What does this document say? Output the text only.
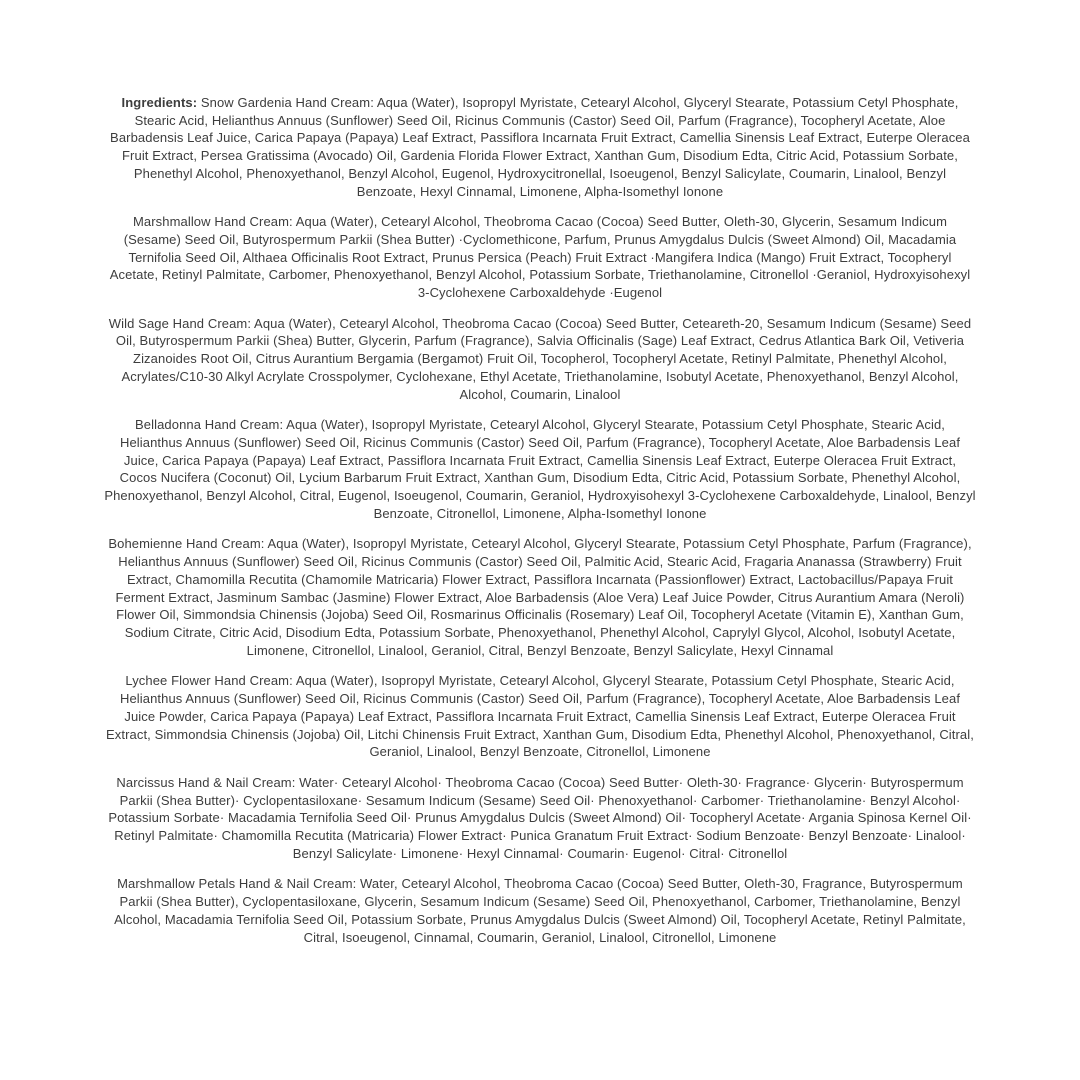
Ingredients: Snow Gardenia Hand Cream: Aqua (Water), Isopropyl Myristate, Cetearyl Alcohol, Glyceryl Stearate, Potassium Cetyl Phosphate, Stearic Acid, Helianthus Annuus (Sunflower) Seed Oil, Ricinus Communis (Castor) Seed Oil, Parfum (Fragrance), Tocopheryl Acetate, Aloe Barbadensis Leaf Juice, Carica Papaya (Papaya) Leaf Extract, Passiflora Incarnata Fruit Extract, Camellia Sinensis Leaf Extract, Euterpe Oleracea Fruit Extract, Persea Gratissima (Avocado) Oil, Gardenia Florida Flower Extract, Xanthan Gum, Disodium Edta, Citric Acid, Potassium Sorbate, Phenethyl Alcohol, Phenoxyethanol, Benzyl Alcohol, Eugenol, Hydroxycitronellal, Isoeugenol, Benzyl Salicylate, Coumarin, Linalool, Benzyl Benzoate, Hexyl Cinnamal, Limonene, Alpha-Isomethyl Ionone

Marshmallow Hand Cream: Aqua (Water), Cetearyl Alcohol, Theobroma Cacao (Cocoa) Seed Butter, Oleth-30, Glycerin, Sesamum Indicum (Sesame) Seed Oil, Butyrospermum Parkii (Shea Butter) ·Cyclomethicone, Parfum, Prunus Amygdalus Dulcis (Sweet Almond) Oil, Macadamia Ternifolia Seed Oil, Althaea Officinalis Root Extract, Prunus Persica (Peach) Fruit Extract ·Mangifera Indica (Mango) Fruit Extract, Tocopheryl Acetate, Retinyl Palmitate, Carbomer, Phenoxyethanol, Benzyl Alcohol, Potassium Sorbate, Triethanolamine, Citronellol ·Geraniol, Hydroxyisohexyl 3-Cyclohexene Carboxaldehyde ·Eugenol

Wild Sage Hand Cream: Aqua (Water), Cetearyl Alcohol, Theobroma Cacao (Cocoa) Seed Butter, Ceteareth-20, Sesamum Indicum (Sesame) Seed Oil, Butyrospermum Parkii (Shea) Butter, Glycerin, Parfum (Fragrance), Salvia Officinalis (Sage) Leaf Extract, Cedrus Atlantica Bark Oil, Vetiveria Zizanoides Root Oil, Citrus Aurantium Bergamia (Bergamot) Fruit Oil, Tocopherol, Tocopheryl Acetate, Retinyl Palmitate, Phenethyl Alcohol, Acrylates/C10-30 Alkyl Acrylate Crosspolymer, Cyclohexane, Ethyl Acetate, Triethanolamine, Isobutyl Acetate, Phenoxyethanol, Benzyl Alcohol, Alcohol, Coumarin, Linalool

Belladonna Hand Cream: Aqua (Water), Isopropyl Myristate, Cetearyl Alcohol, Glyceryl Stearate, Potassium Cetyl Phosphate, Stearic Acid, Helianthus Annuus (Sunflower) Seed Oil, Ricinus Communis (Castor) Seed Oil, Parfum (Fragrance), Tocopheryl Acetate, Aloe Barbadensis Leaf Juice, Carica Papaya (Papaya) Leaf Extract, Passiflora Incarnata Fruit Extract, Camellia Sinensis Leaf Extract, Euterpe Oleracea Fruit Extract, Cocos Nucifera (Coconut) Oil, Lycium Barbarum Fruit Extract, Xanthan Gum, Disodium Edta, Citric Acid, Potassium Sorbate, Phenethyl Alcohol, Phenoxyethanol, Benzyl Alcohol, Citral, Eugenol, Isoeugenol, Coumarin, Geraniol, Hydroxyisohexyl 3-Cyclohexene Carboxaldehyde, Linalool, Benzyl Benzoate, Citronellol, Limonene, Alpha-Isomethyl Ionone

Bohemienne Hand Cream: Aqua (Water), Isopropyl Myristate, Cetearyl Alcohol, Glyceryl Stearate, Potassium Cetyl Phosphate, Parfum (Fragrance), Helianthus Annuus (Sunflower) Seed Oil, Ricinus Communis (Castor) Seed Oil, Palmitic Acid, Stearic Acid, Fragaria Ananassa (Strawberry) Fruit Extract, Chamomilla Recutita (Chamomile Matricaria) Flower Extract, Passiflora Incarnata (Passionflower) Extract, Lactobacillus/Papaya Fruit Ferment Extract, Jasminum Sambac (Jasmine) Flower Extract, Aloe Barbadensis (Aloe Vera) Leaf Juice Powder, Citrus Aurantium Amara (Neroli) Flower Oil, Simmondsia Chinensis (Jojoba) Seed Oil, Rosmarinus Officinalis (Rosemary) Leaf Oil, Tocopheryl Acetate (Vitamin E), Xanthan Gum, Sodium Citrate, Citric Acid, Disodium Edta, Potassium Sorbate, Phenoxyethanol, Phenethyl Alcohol, Caprylyl Glycol, Alcohol, Isobutyl Acetate, Limonene, Citronellol, Linalool, Geraniol, Citral, Benzyl Benzoate, Benzyl Salicylate, Hexyl Cinnamal

Lychee Flower Hand Cream: Aqua (Water), Isopropyl Myristate, Cetearyl Alcohol, Glyceryl Stearate, Potassium Cetyl Phosphate, Stearic Acid, Helianthus Annuus (Sunflower) Seed Oil, Ricinus Communis (Castor) Seed Oil, Parfum (Fragrance), Tocopheryl Acetate, Aloe Barbadensis Leaf Juice Powder, Carica Papaya (Papaya) Leaf Extract, Passiflora Incarnata Fruit Extract, Camellia Sinensis Leaf Extract, Euterpe Oleracea Fruit Extract, Simmondsia Chinensis (Jojoba) Oil, Litchi Chinensis Fruit Extract, Xanthan Gum, Disodium Edta, Phenethyl Alcohol, Phenoxyethanol, Citral, Geraniol, Linalool, Benzyl Benzoate, Citronellol, Limonene

Narcissus Hand & Nail Cream: Water· Cetearyl Alcohol· Theobroma Cacao (Cocoa) Seed Butter· Oleth-30· Fragrance· Glycerin· Butyrospermum Parkii (Shea Butter)· Cyclopentasiloxane· Sesamum Indicum (Sesame) Seed Oil· Phenoxyethanol· Carbomer· Triethanolamine· Benzyl Alcohol· Potassium Sorbate· Macadamia Ternifolia Seed Oil· Prunus Amygdalus Dulcis (Sweet Almond) Oil· Tocopheryl Acetate· Argania Spinosa Kernel Oil· Retinyl Palmitate· Chamomilla Recutita (Matricaria) Flower Extract· Punica Granatum Fruit Extract· Sodium Benzoate· Benzyl Benzoate· Linalool· Benzyl Salicylate· Limonene· Hexyl Cinnamal· Coumarin· Eugenol· Citral· Citronellol

Marshmallow Petals Hand & Nail Cream: Water, Cetearyl Alcohol, Theobroma Cacao (Cocoa) Seed Butter, Oleth-30, Fragrance, Butyrospermum Parkii (Shea Butter), Cyclopentasiloxane, Glycerin, Sesamum Indicum (Sesame) Seed Oil, Phenoxyethanol, Carbomer, Triethanolamine, Benzyl Alcohol, Macadamia Ternifolia Seed Oil, Potassium Sorbate, Prunus Amygdalus Dulcis (Sweet Almond) Oil, Tocopheryl Acetate, Retinyl Palmitate, Citral, Isoeugenol, Cinnamal, Coumarin, Geraniol, Linalool, Citronellol, Limonene
